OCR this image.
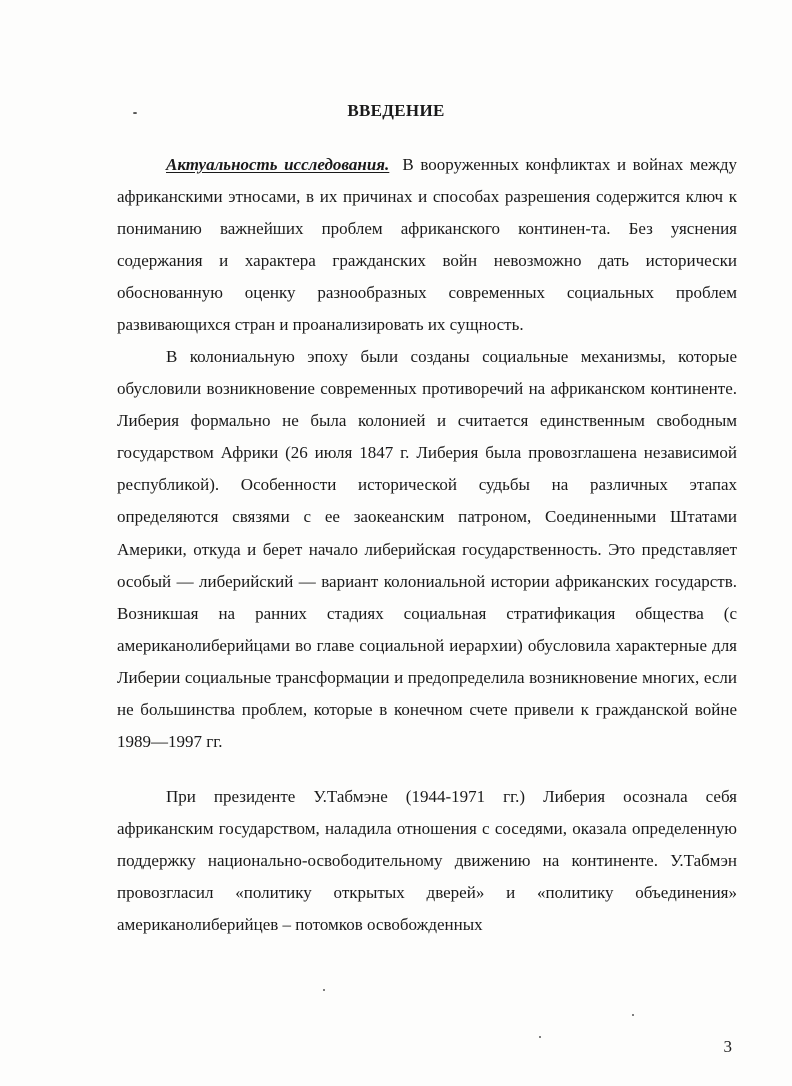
ВВЕДЕНИЕ

Актуальность исследования. В вооруженных конфликтах и войнах между африканскими этносами, в их причинах и способах разрешения содержится ключ к пониманию важнейших проблем африканского континен-та. Без уяснения содержания и характера гражданских войн невозможно дать исторически обоснованную оценку разнообразных современных социальных проблем развивающихся стран и проанализировать их сущность.

В колониальную эпоху были созданы социальные механизмы, которые обусловили возникновение современных противоречий на африканском континенте. Либерия формально не была колонией и считается единственным свободным государством Африки (26 июля 1847 г. Либерия была провозглашена независимой республикой). Особенности исторической судьбы на различных этапах определяются связями с ее заокеанским патроном, Соединенными Штатами Америки, откуда и берет начало либерийская государственность. Это представляет особый — либерийский — вариант колониальной истории африканских государств. Возникшая на ранних стадиях социальная стратификация общества (с американолиберийцами во главе социальной иерархии) обусловила характерные для Либерии социальные трансформации и предопределила возникновение многих, если не большинства проблем, которые в конечном счете привели к гражданской войне 1989—1997 гг.

При президенте У.Табмэне (1944-1971 гг.) Либерия осознала себя африканским государством, наладила отношения с соседями, оказала определенную поддержку национально-освободительному движению на континенте. У.Табмэн провозгласил «политику открытых дверей» и «политику объединения» американолиберийцев – потомков освобожденных

3
